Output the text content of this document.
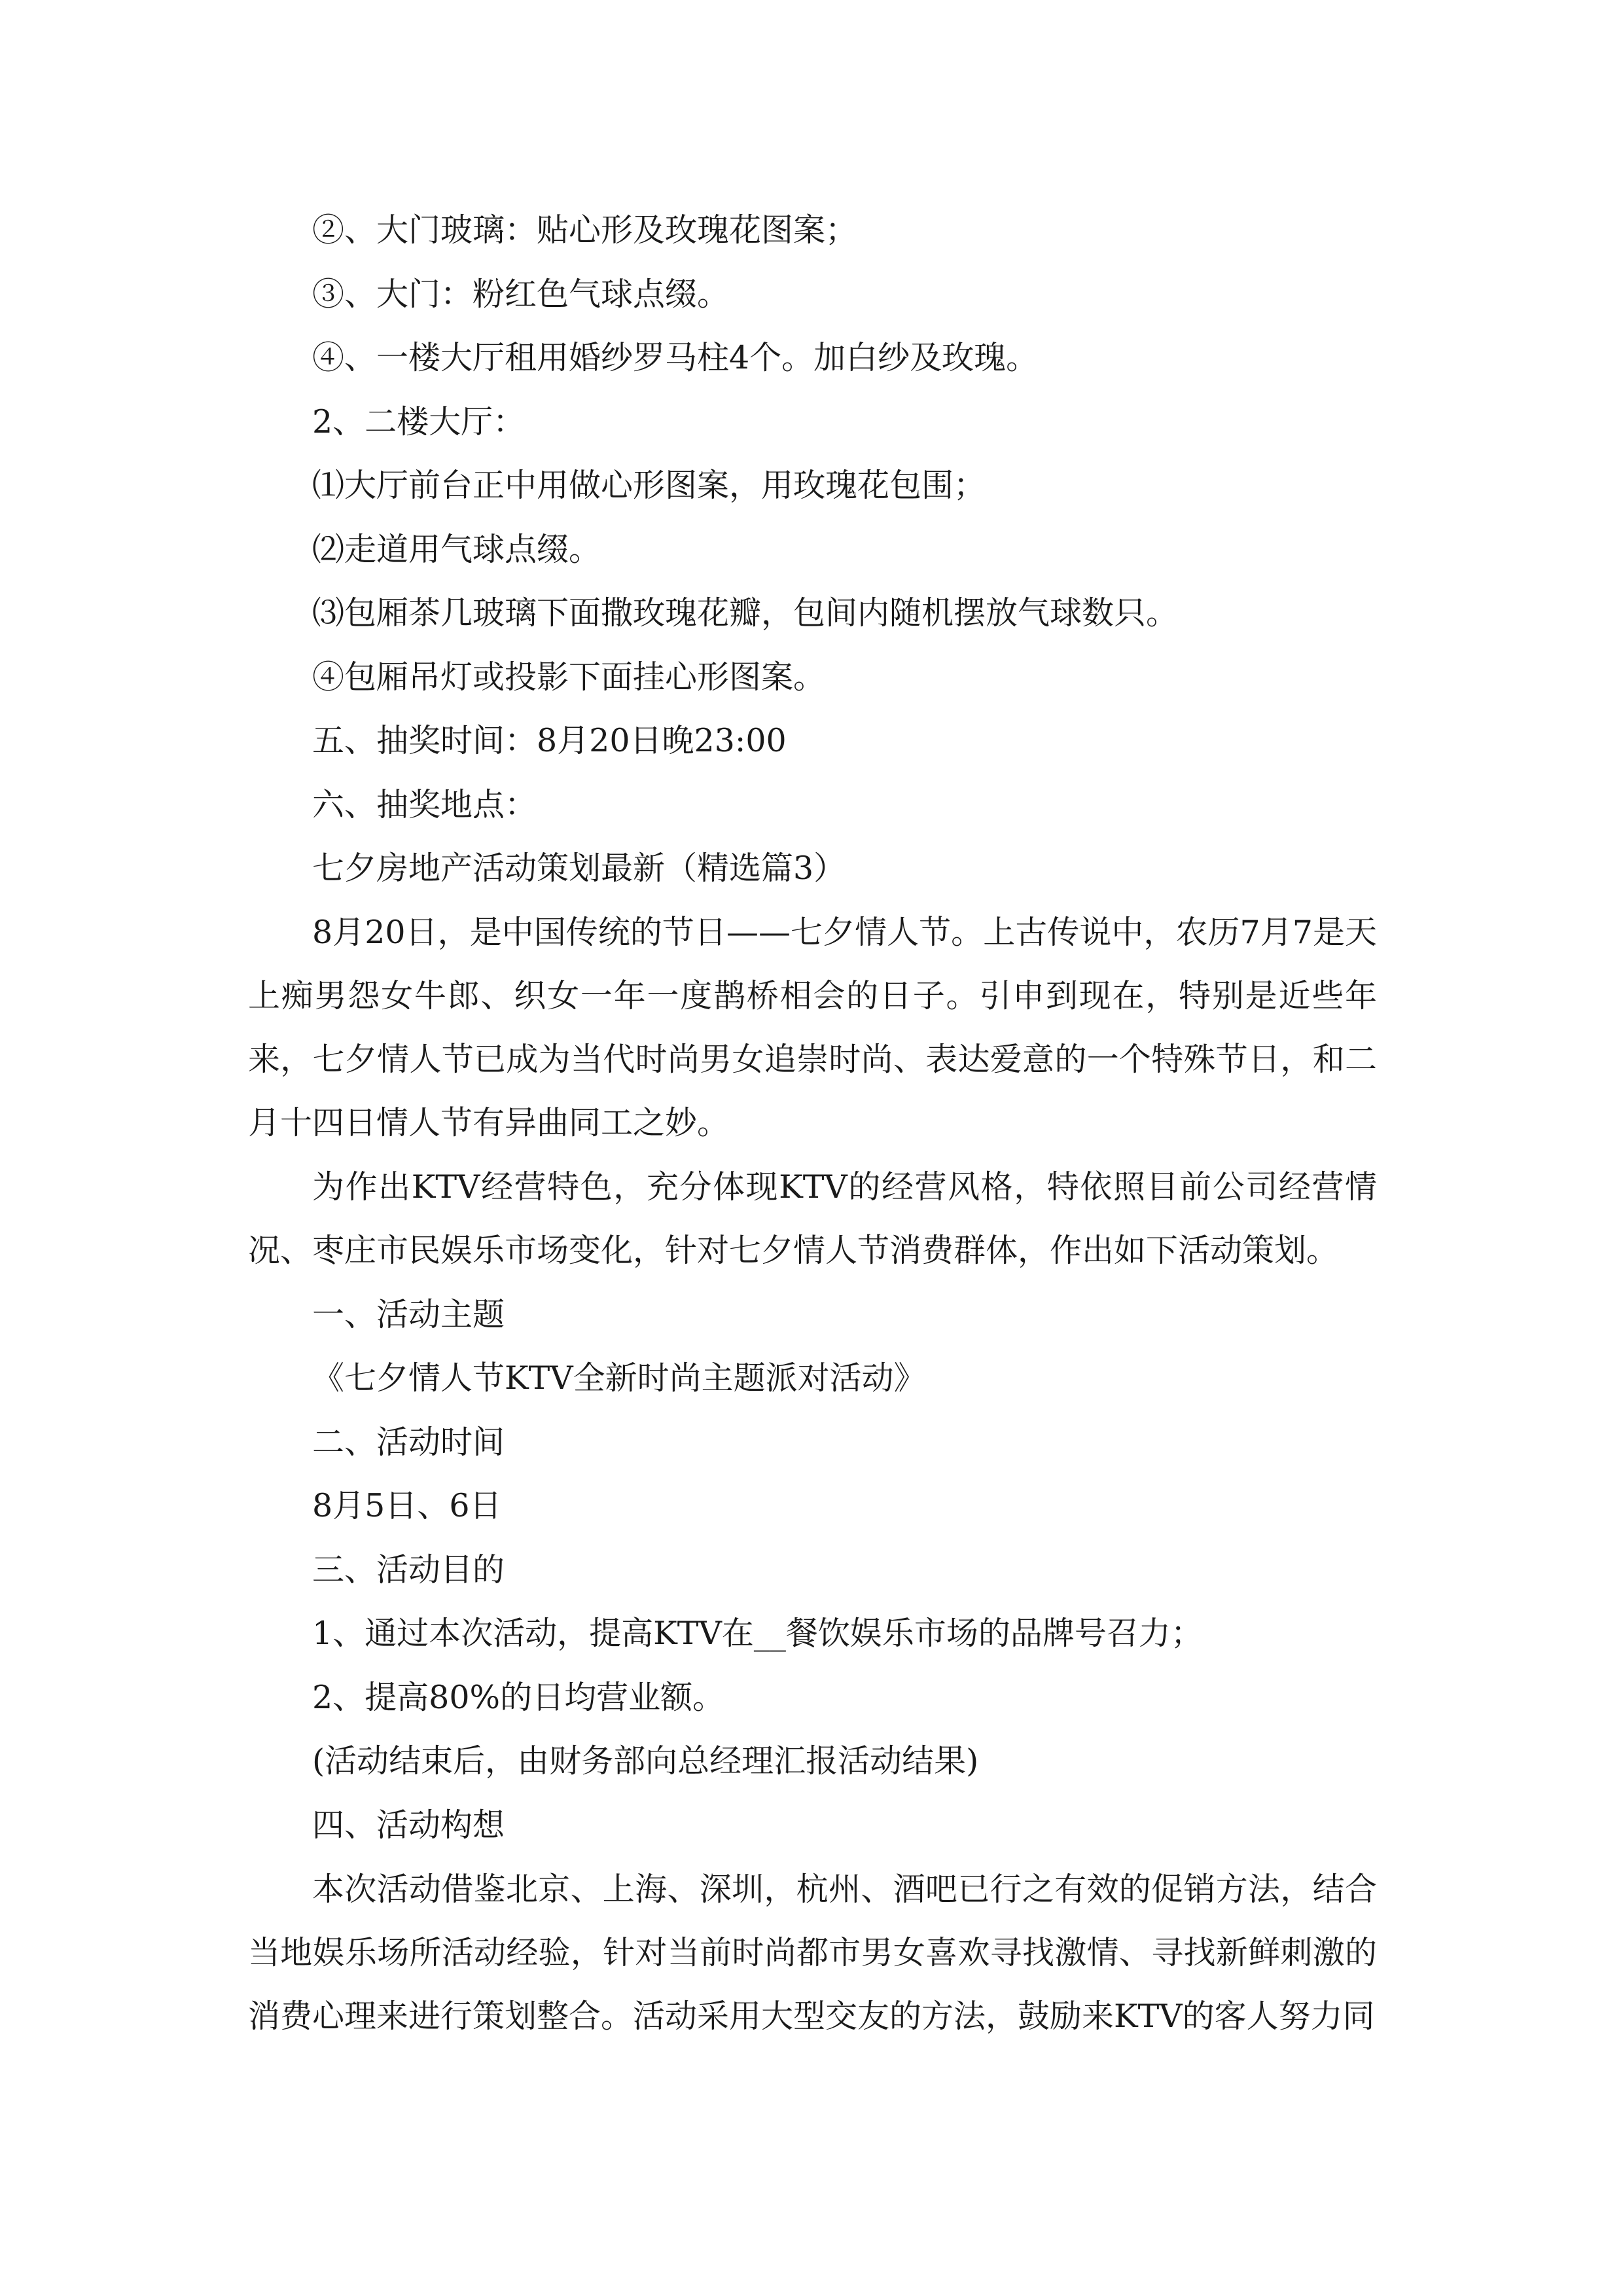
②、大门玻璃：贴心形及玫瑰花图案；
③、大门：粉红色气球点缀。
④、一楼大厅租用婚纱罗马柱4个。加白纱及玫瑰。
2、二楼大厅：
⑴大厅前台正中用做心形图案，用玫瑰花包围；
⑵走道用气球点缀。
⑶包厢茶几玻璃下面撒玫瑰花瓣，包间内随机摆放气球数只。
④包厢吊灯或投影下面挂心形图案。
五、抽奖时间：8月20日晚23:00
六、抽奖地点：
七夕房地产活动策划最新（精选篇3）

8月20日，是中国传统的节日——七夕情人节。上古传说中，农历7月7是天上痴男怨女牛郎、织女一年一度鹊桥相会的日子。引申到现在，特别是近些年来，七夕情人节已成为当代时尚男女追崇时尚、表达爱意的一个特殊节日，和二月十四日情人节有异曲同工之妙。

为作出KTV经营特色，充分体现KTV的经营风格，特依照目前公司经营情况、枣庄市民娱乐市场变化，针对七夕情人节消费群体，作出如下活动策划。

一、活动主题
《七夕情人节KTV全新时尚主题派对活动》
二、活动时间
8月5日、6日
三、活动目的
1、通过本次活动，提高KTV在__餐饮娱乐市场的品牌号召力；
2、提高80%的日均营业额。
(活动结束后，由财务部向总经理汇报活动结果)
四、活动构想

本次活动借鉴北京、上海、深圳，杭州、酒吧已行之有效的促销方法，结合当地娱乐场所活动经验，针对当前时尚都市男女喜欢寻找激情、寻找新鲜刺激的消费心理来进行策划整合。活动采用大型交友的方法，鼓励来KTV的客人努力同
